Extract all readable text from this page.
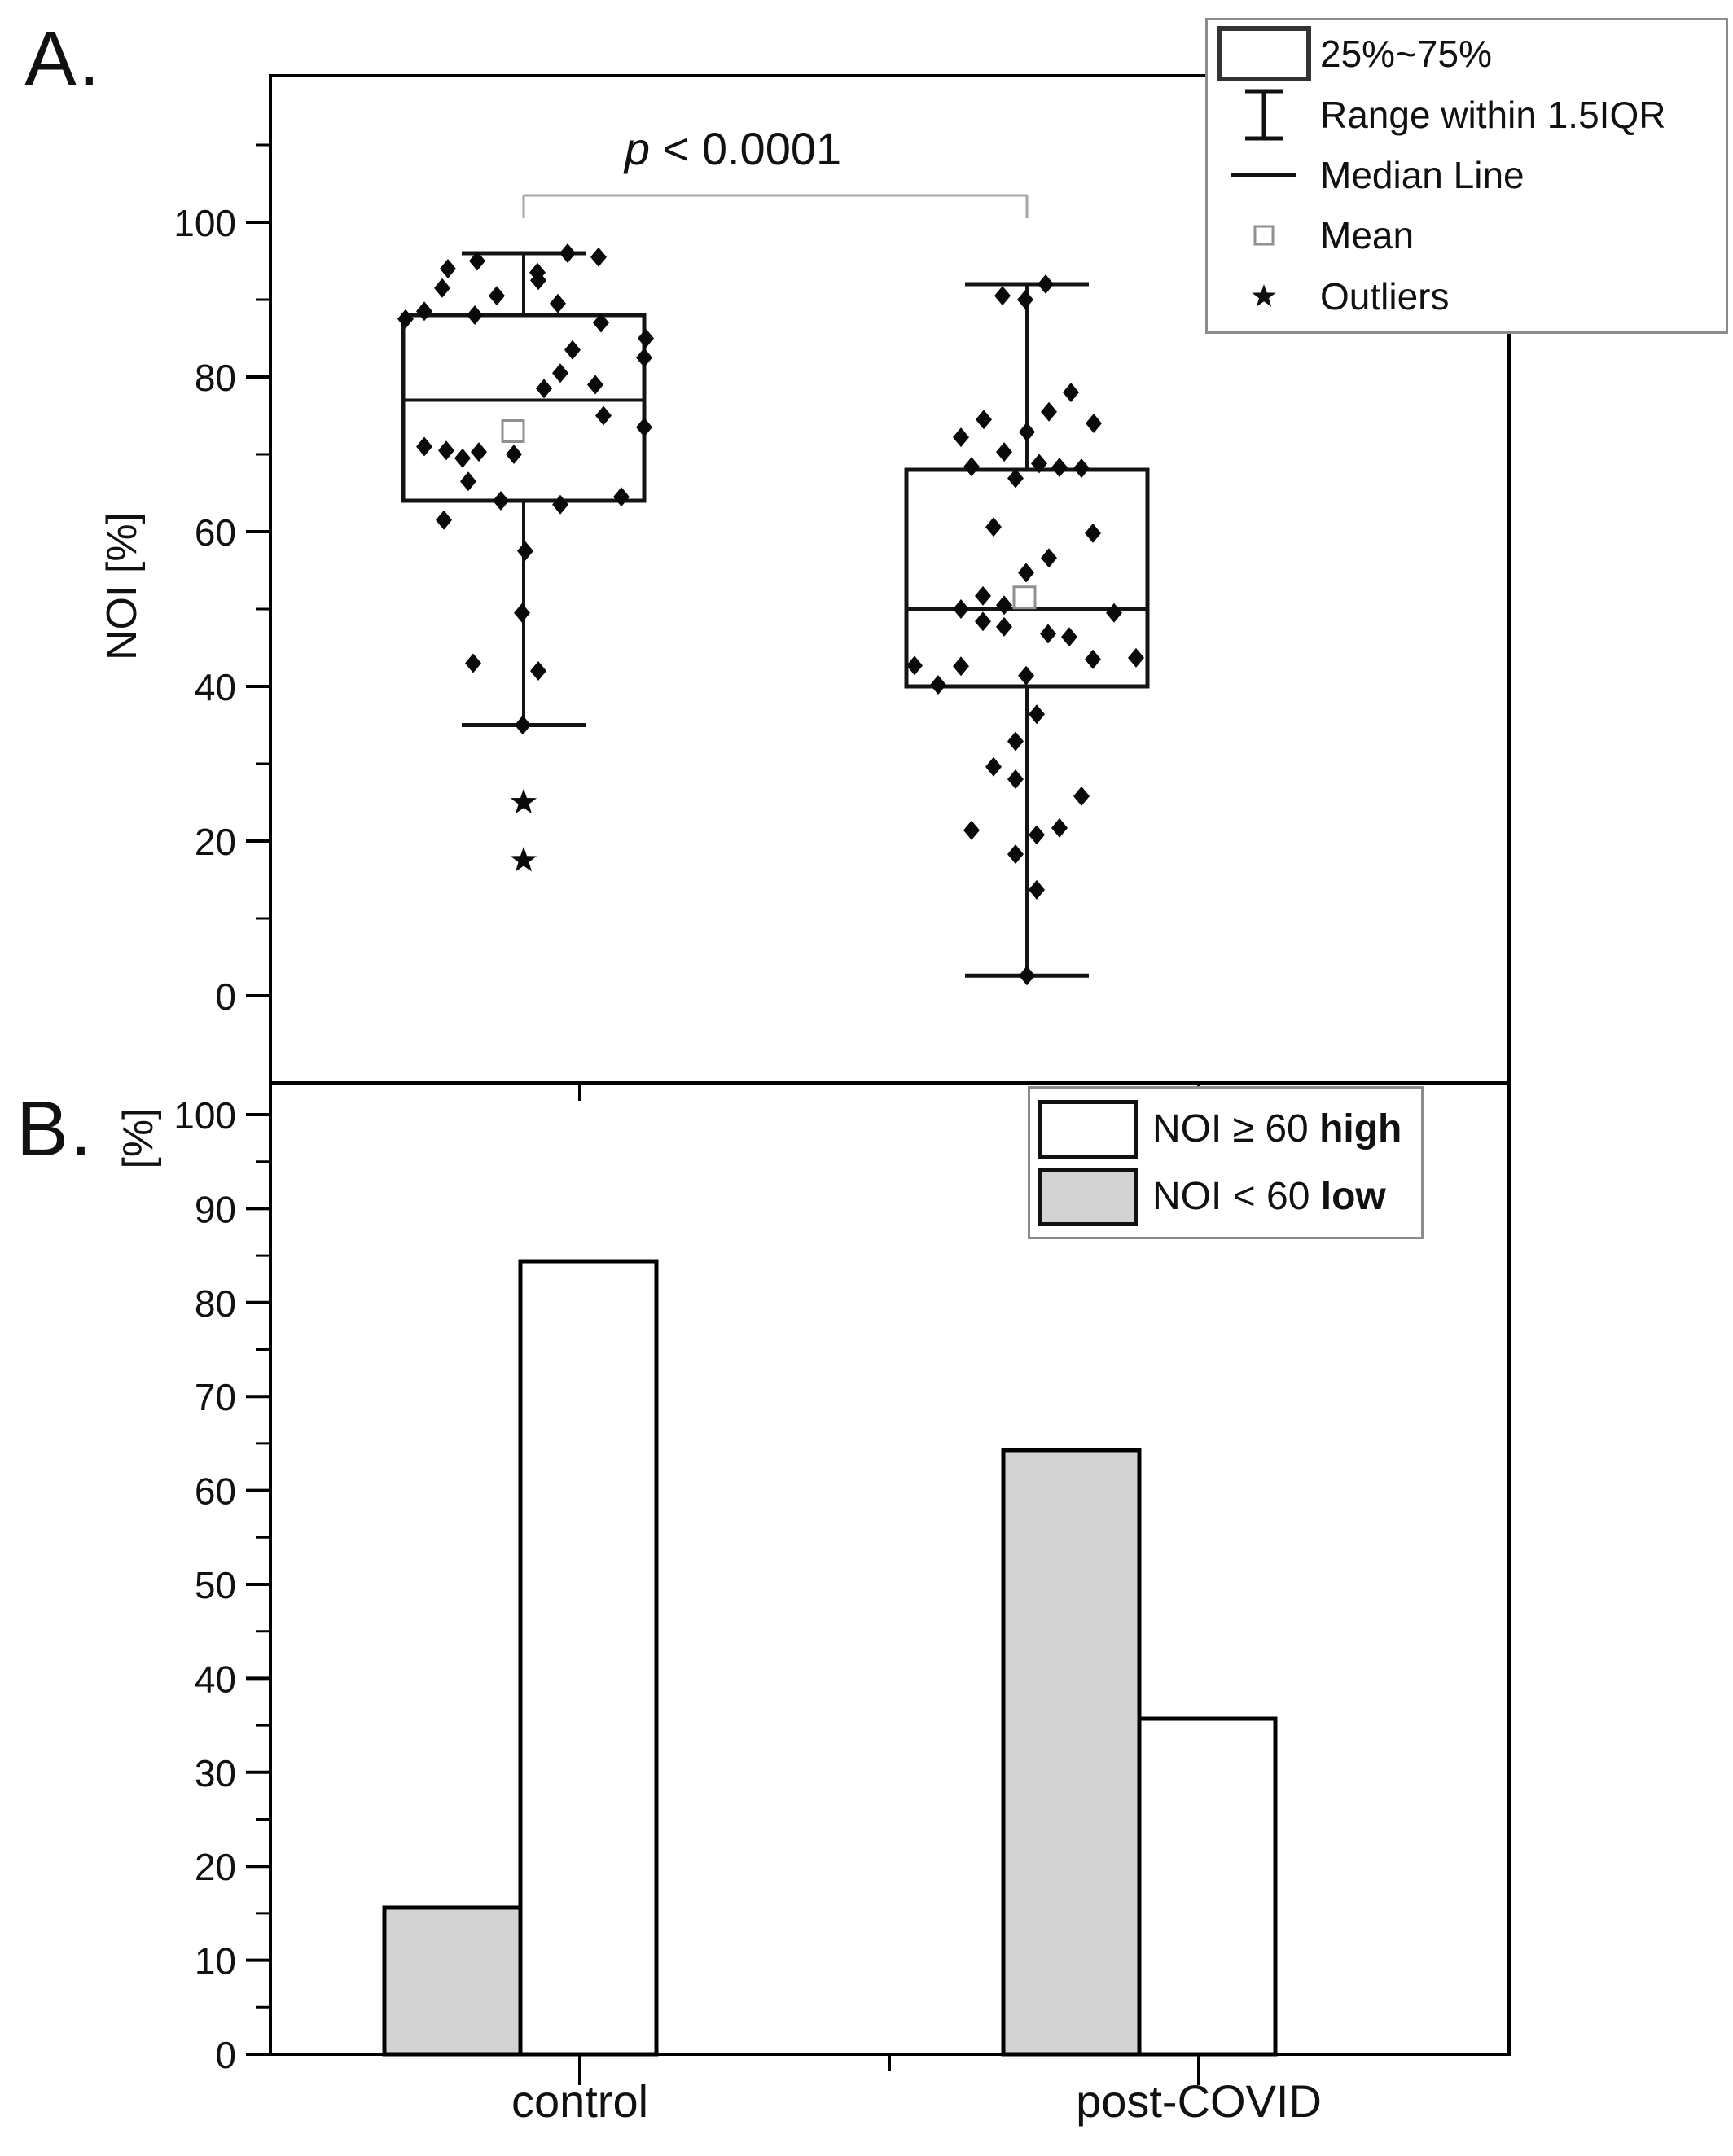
0
20
40
60
80
100
0
10
20
30
40
50
60
70
80
90
100
A.
B.
NOI [%]
[%]
p < 0.0001
control	post-COVID
25%~75%
Range within 1.5IQR
Median Line
Mean
Outliers
NOI ≥ 60 high
NOI < 60 low
